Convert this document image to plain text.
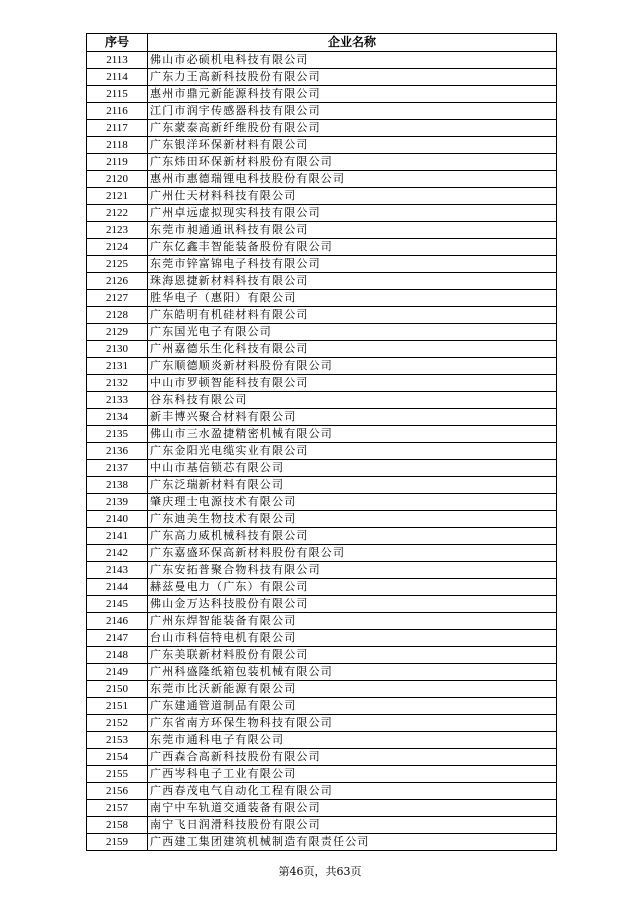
序号	企业名称
2113	佛山市必硕机电科技有限公司
2114	广东力王高新科技股份有限公司
2115	惠州市鼎元新能源科技有限公司
2116	江门市润宇传感器科技有限公司
2117	广东蒙泰高新纤维股份有限公司
2118	广东银洋环保新材料有限公司
2119	广东炜田环保新材料股份有限公司
2120	惠州市惠德瑞锂电科技股份有限公司
2121	广州仕天材料科技有限公司
2122	广州卓远虚拟现实科技有限公司
2123	东莞市昶通通讯科技有限公司
2124	广东亿鑫丰智能装备股份有限公司
2125	东莞市锌富锦电子科技有限公司
2126	珠海恩捷新材料科技有限公司
2127	胜华电子（惠阳）有限公司
2128	广东皓明有机硅材料有限公司
2129	广东国光电子有限公司
2130	广州嘉德乐生化科技有限公司
2131	广东顺德顺炎新材料股份有限公司
2132	中山市罗顿智能科技有限公司
2133	谷东科技有限公司
2134	新丰博兴聚合材料有限公司
2135	佛山市三水盈捷精密机械有限公司
2136	广东金阳光电缆实业有限公司
2137	中山市基信锁芯有限公司
2138	广东泛瑞新材料有限公司
2139	肇庆理士电源技术有限公司
2140	广东迪美生物技术有限公司
2141	广东高力威机械科技有限公司
2142	广东嘉盛环保高新材料股份有限公司
2143	广东安拓普聚合物科技有限公司
2144	赫兹曼电力（广东）有限公司
2145	佛山金万达科技股份有限公司
2146	广州东焊智能装备有限公司
2147	台山市科信特电机有限公司
2148	广东美联新材料股份有限公司
2149	广州科盛隆纸箱包装机械有限公司
2150	东莞市比沃新能源有限公司
2151	广东建通管道制品有限公司
2152	广东省南方环保生物科技有限公司
2153	东莞市通科电子有限公司
2154	广西森合高新科技股份有限公司
2155	广西岑科电子工业有限公司
2156	广西春茂电气自动化工程有限公司
2157	南宁中车轨道交通装备有限公司
2158	南宁飞日润滑科技股份有限公司
2159	广西建工集团建筑机械制造有限责任公司
第46页，共63页
